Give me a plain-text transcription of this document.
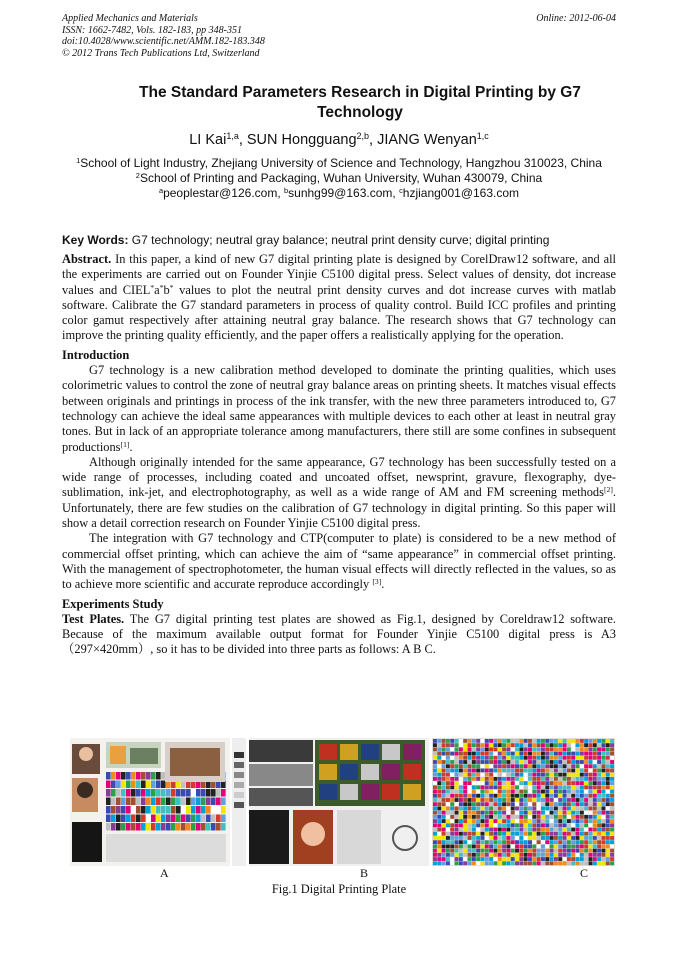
Applied Mechanics and Materials
ISSN: 1662-7482, Vols. 182-183, pp 348-351
doi:10.4028/www.scientific.net/AMM.182-183.348
© 2012 Trans Tech Publications Ltd, Switzerland
Online: 2012-06-04
The Standard Parameters Research in Digital Printing by G7 Technology
LI Kai$^{1,a}$, SUN Hongguang$^{2,b}$, JIANG Wenyan$^{1,c}$
$^1$School of Light Industry, Zhejiang University of Science and Technology, Hangzhou 310023, China
$^2$School of Printing and Packaging, Wuhan University, Wuhan 430079, China
$^a$peoplestar@126.com, $^b$sunhg99@163.com, $^c$hzjiang001@163.com
Key Words: G7 technology; neutral gray balance; neutral print density curve; digital printing

Abstract. In this paper, a kind of new G7 digital printing plate is designed by CorelDraw12 software, and all the experiments are carried out on Founder Yinjie C5100 digital press. Select values of density, dot increase values and CIEL*a*b* values to plot the neutral print density curves and dot increase curves with matlab software. Calibrate the G7 standard parameters in process of quality control. Build ICC profiles and printing color gamut respectively after attaining neutral gray balance. The research shows that G7 technology can improve the printing quality efficiently, and the paper offers a realistically applying for the operation.

Introduction

G7 technology is a new calibration method developed to dominate the printing qualities, which uses colorimetric values to control the zone of neutral gray balance areas on printing sheets. It matches visual effects between originals and printings in process of the ink transfer, with the new three parameters introduced to, G7 technology can achieve the ideal same appearances with multiple devices to each other at least in neutral gray tones. But in lack of an appropriate tolerance among manufacturers, there still are some confines in subsequent productions[1].

Although originally intended for the same appearance, G7 technology has been successfully tested on a wide range of processes, including coated and uncoated offset, newsprint, gravure, flexography, dye-sublimation, ink-jet, and electrophotography, as well as a wide range of AM and FM screening methods[2]. Unfortunately, there are few studies on the calibration of G7 technology in digital printing. So this paper will show a detail correction research on Founder Yinjie C5100 digital press.

The integration with G7 technology and CTP(computer to plate) is considered to be a new method of commercial offset printing, which can achieve the aim of “same appearance” in commercial offset printing. With the management of spectrophotometer, the human visual effects will directly reflected in the values, so as to achieve more scientific and accurate reproduce accordingly [3].

Experiments Study

Test Plates. The G7 digital printing test plates are showed as Fig.1, designed by Coreldraw12 software. Because of the maximum available output format for Founder Yinjie C5100 digital press is A3（297×420mm）, so it has to be divided into three parts as follows: A B C.

A	B	C
Fig.1 Digital Printing Plate
